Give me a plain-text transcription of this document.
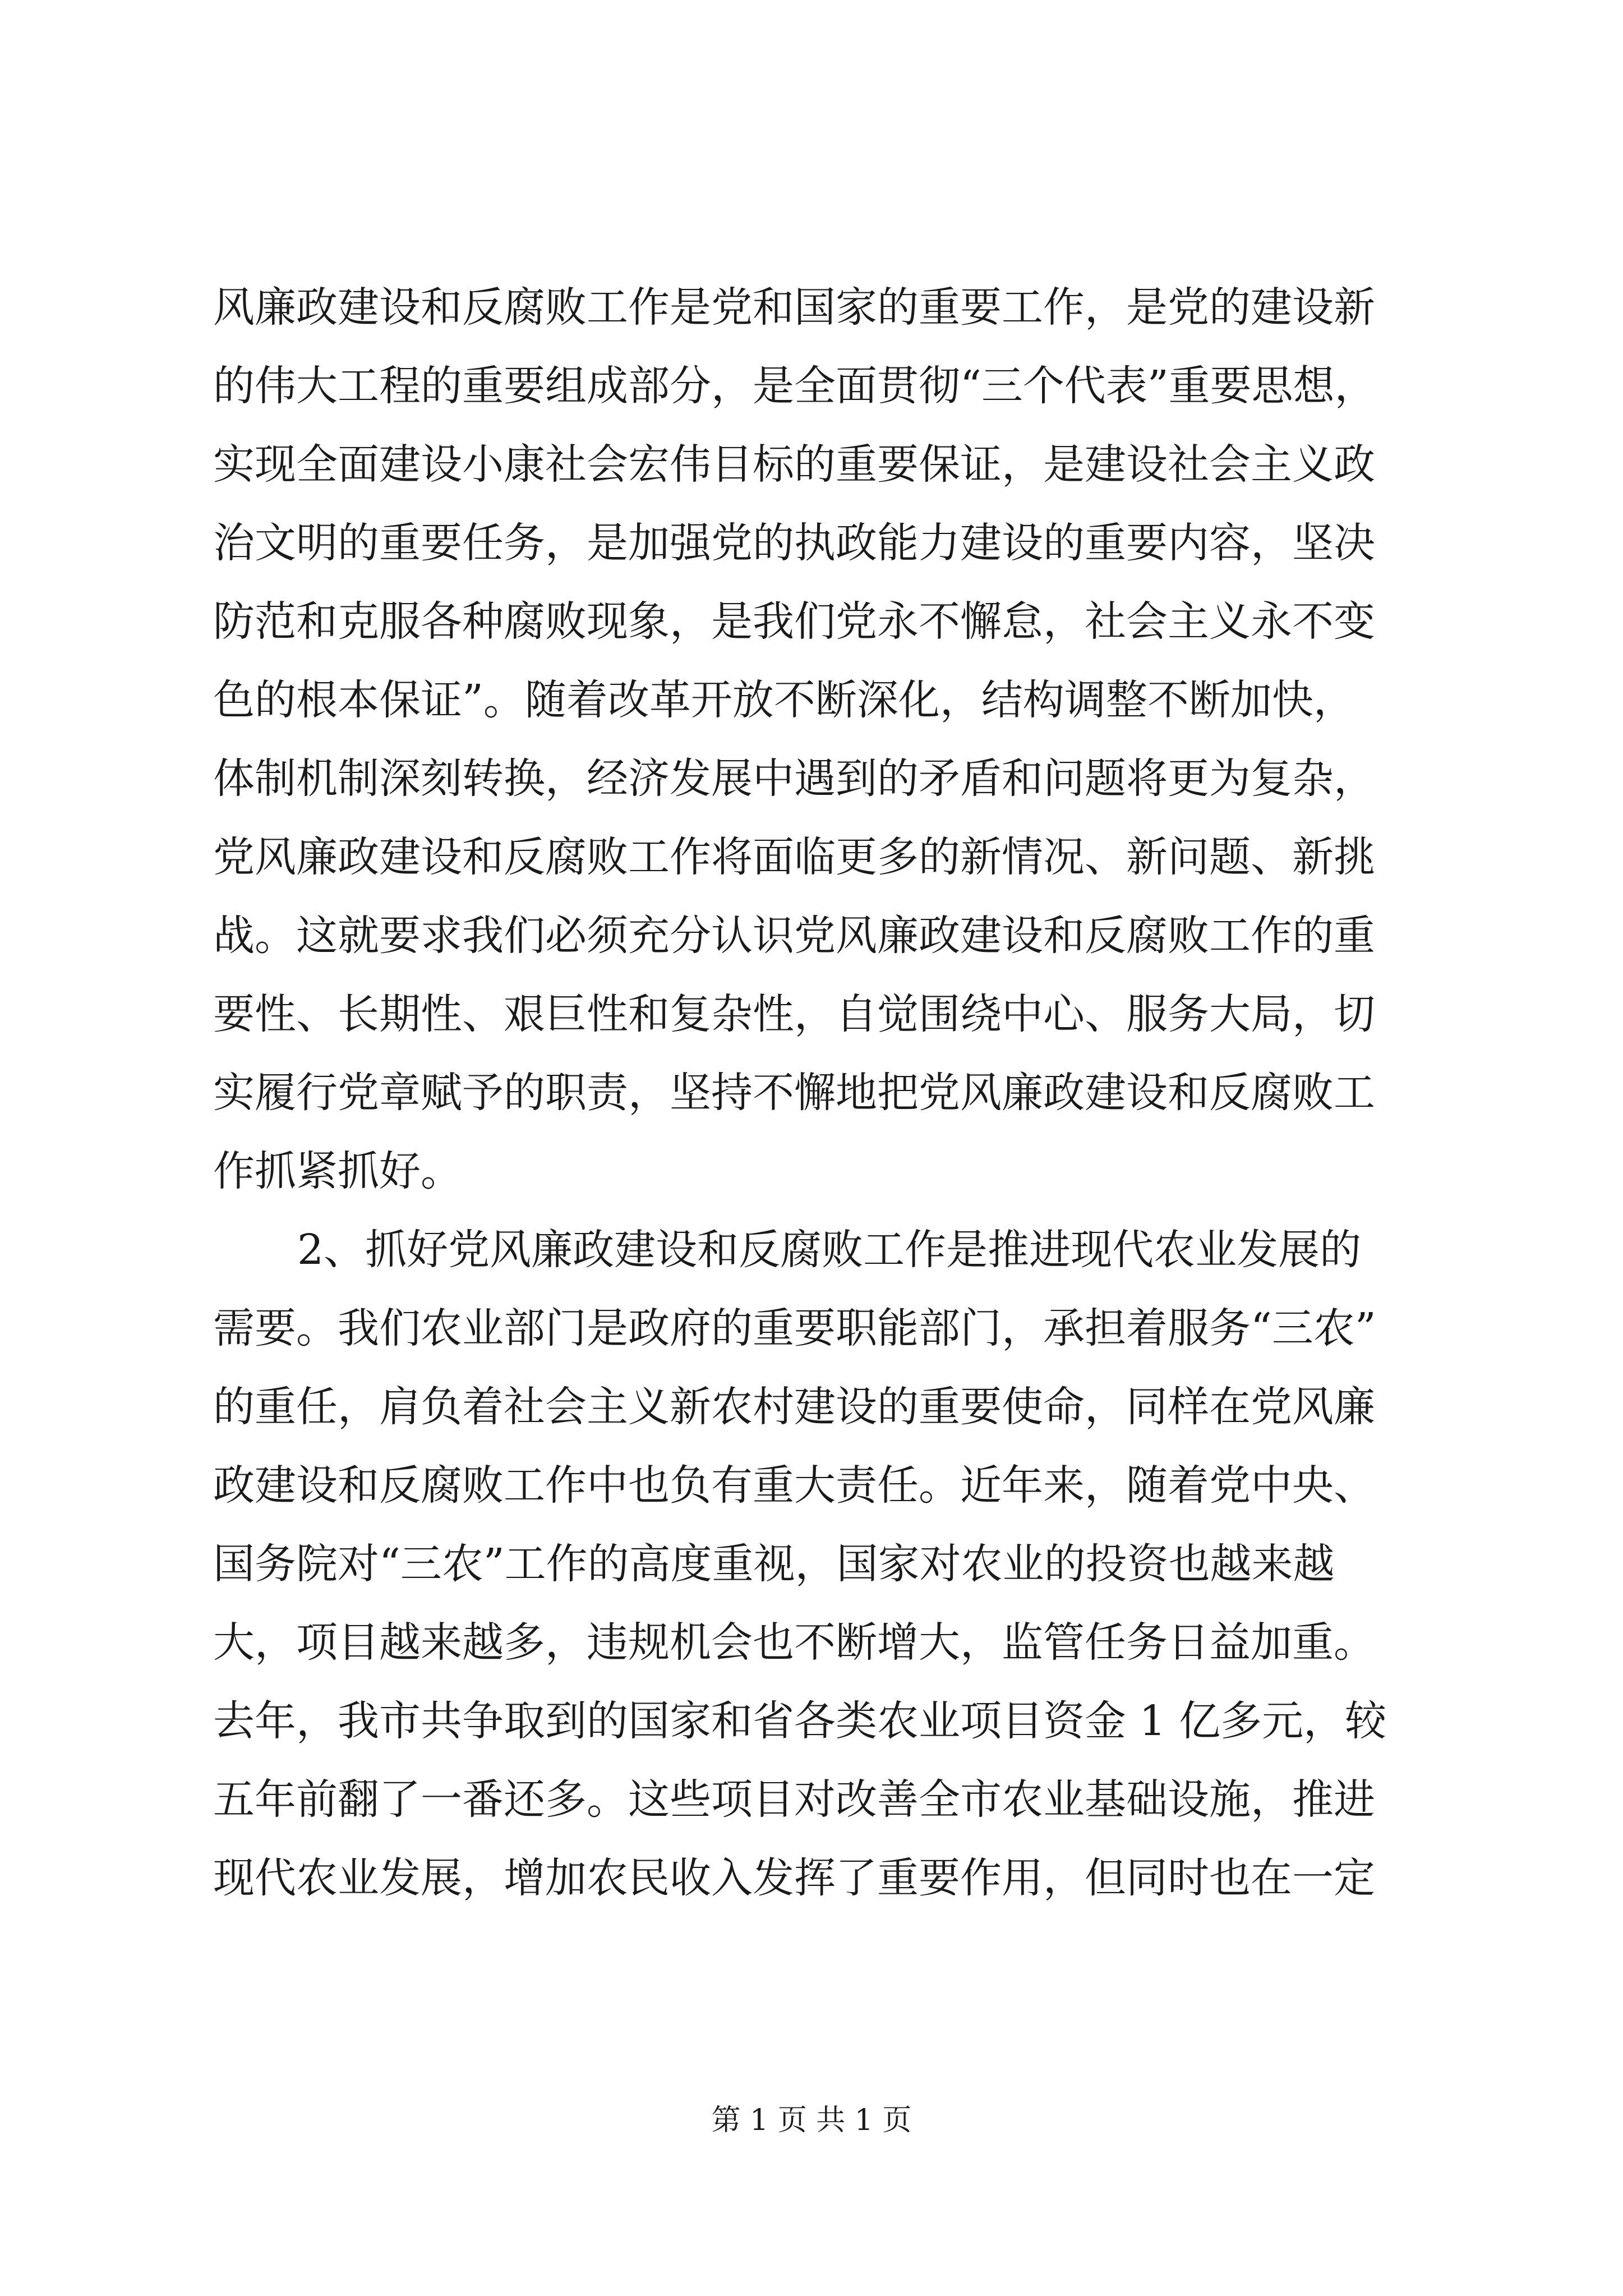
风廉政建设和反腐败工作是党和国家的重要工作，是党的建设新
的伟大工程的重要组成部分，是全面贯彻“三个代表”重要思想，
实现全面建设小康社会宏伟目标的重要保证，是建设社会主义政
治文明的重要任务，是加强党的执政能力建设的重要内容，坚决
防范和克服各种腐败现象，是我们党永不懈怠，社会主义永不变
色的根本保证”。随着改革开放不断深化，结构调整不断加快，
体制机制深刻转换，经济发展中遇到的矛盾和问题将更为复杂，
党风廉政建设和反腐败工作将面临更多的新情况、新问题、新挑
战。这就要求我们必须充分认识党风廉政建设和反腐败工作的重
要性、长期性、艰巨性和复杂性，自觉围绕中心、服务大局，切
实履行党章赋予的职责，坚持不懈地把党风廉政建设和反腐败工
作抓紧抓好。
2、抓好党风廉政建设和反腐败工作是推进现代农业发展的
需要。我们农业部门是政府的重要职能部门，承担着服务“三农”
的重任，肩负着社会主义新农村建设的重要使命，同样在党风廉
政建设和反腐败工作中也负有重大责任。近年来，随着党中央、
国务院对“三农”工作的高度重视，国家对农业的投资也越来越
大，项目越来越多，违规机会也不断增大，监管任务日益加重。
去年，我市共争取到的国家和省各类农业项目资金 1 亿多元，较
五年前翻了一番还多。这些项目对改善全市农业基础设施，推进
现代农业发展，增加农民收入发挥了重要作用，但同时也在一定
第 1 页 共 1 页
